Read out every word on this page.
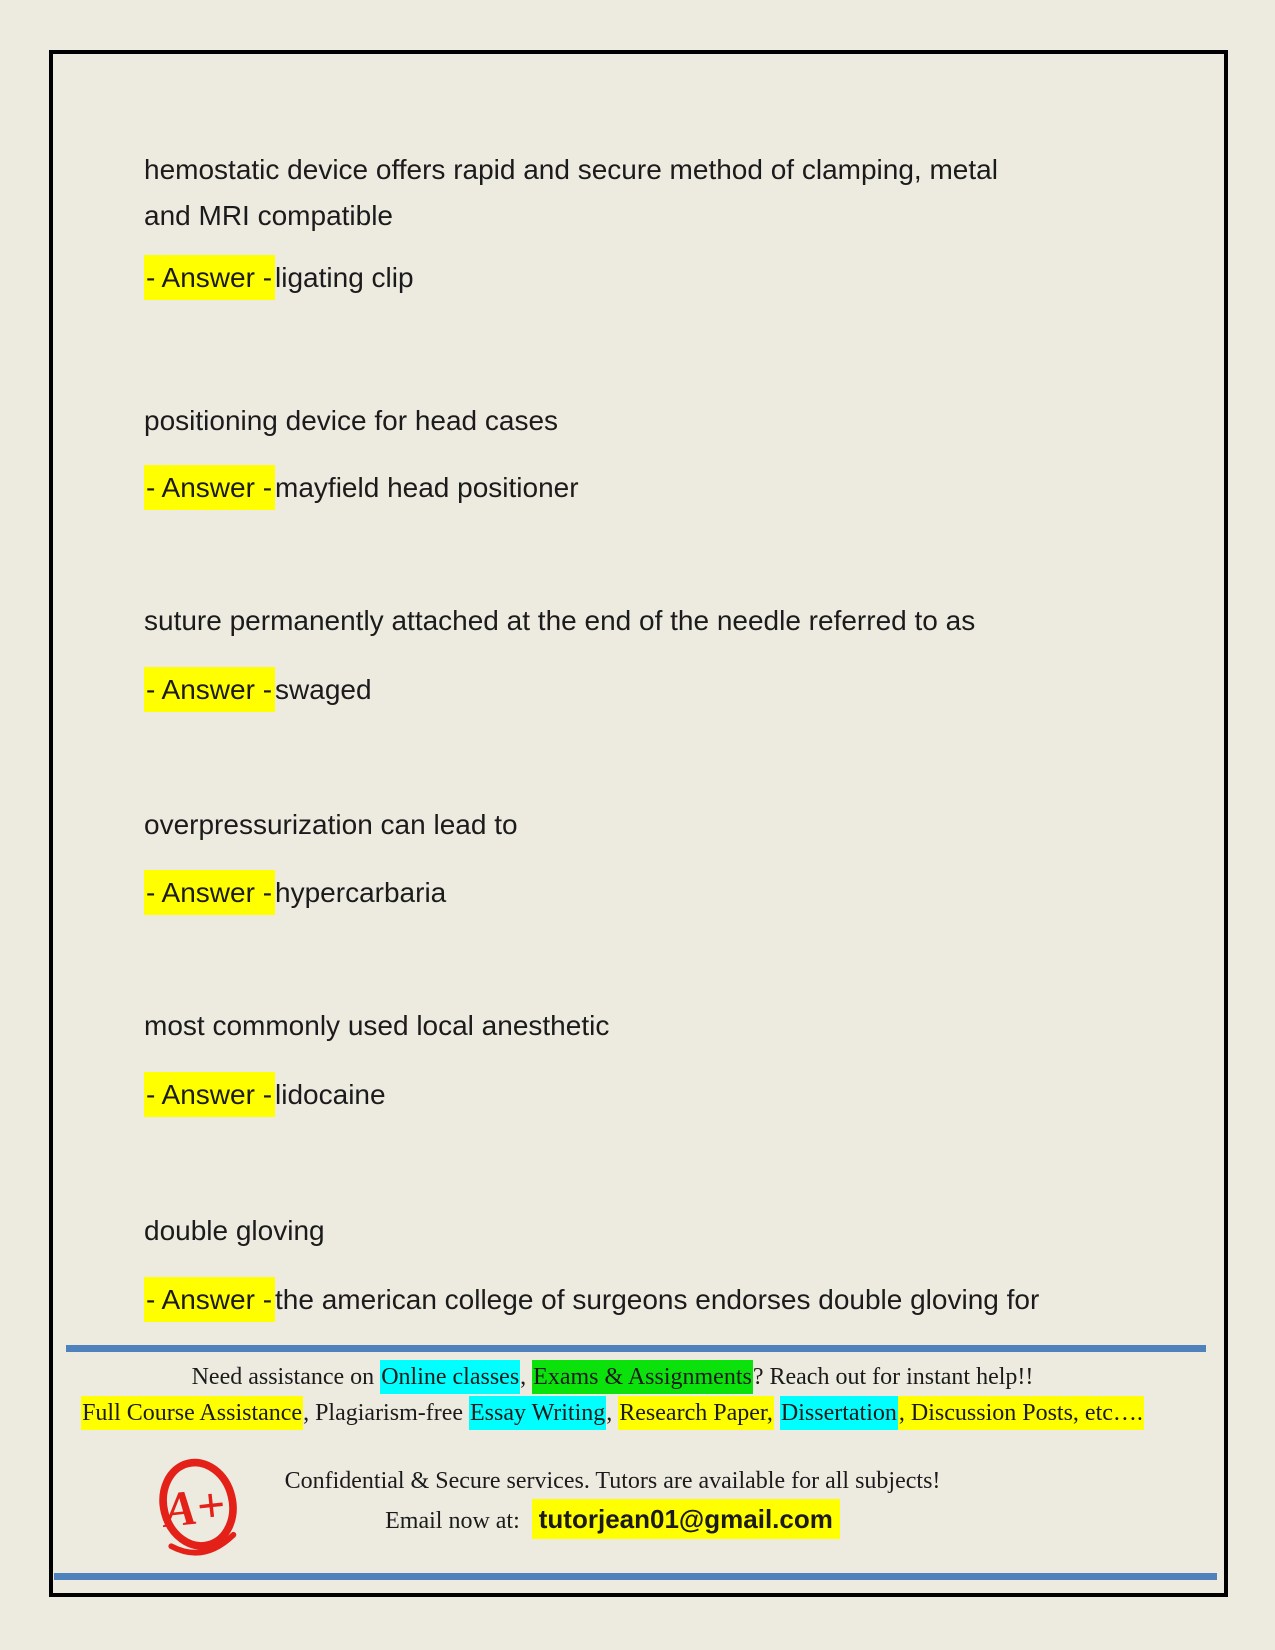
hemostatic device offers rapid and secure method of clamping, metal and MRI compatible
- Answer - ligating clip
positioning device for head cases
- Answer - mayfield head positioner
suture permanently attached at the end of the needle referred to as
- Answer - swaged
overpressurization can lead to
- Answer - hypercarbaria
most commonly used local anesthetic
- Answer - lidocaine
double gloving
- Answer - the american college of surgeons endorses double gloving for
Need assistance on Online classes, Exams & Assignments? Reach out for instant help!!
Full Course Assistance, Plagiarism-free Essay Writing, Research Paper, Dissertation, Discussion Posts, etc….
A+	Confidential & Secure services. Tutors are available for all subjects!
Email now at: tutorjean01@gmail.com
